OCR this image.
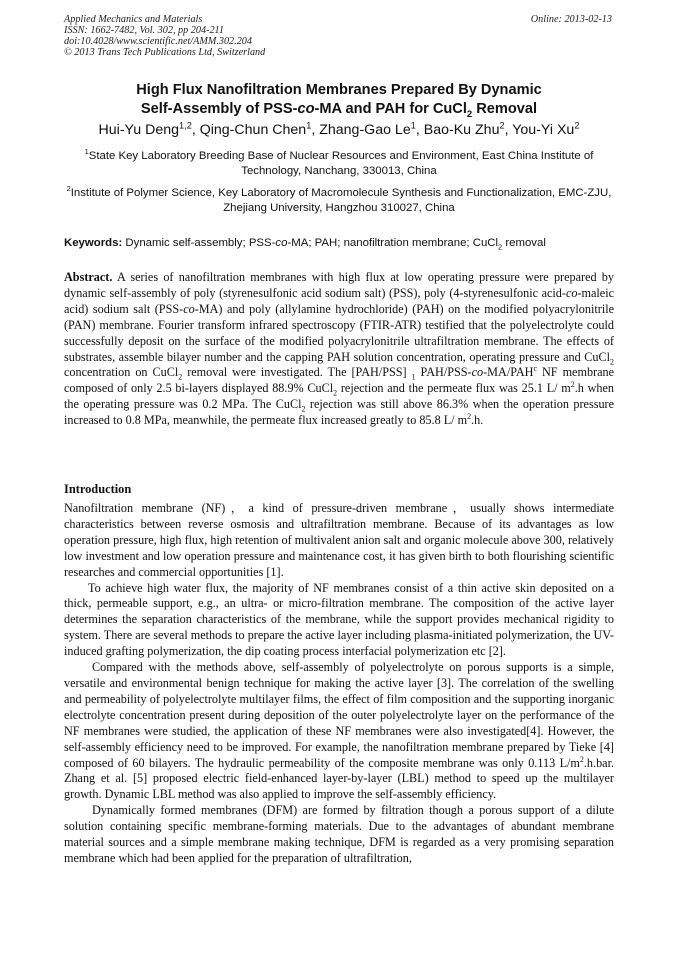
Applied Mechanics and Materials
ISSN: 1662-7482, Vol. 302, pp 204-211
doi:10.4028/www.scientific.net/AMM.302.204
© 2013 Trans Tech Publications Ltd, Switzerland
Online: 2013-02-13
High Flux Nanofiltration Membranes Prepared By Dynamic
Self-Assembly of PSS-co-MA and PAH for CuCl$_2$ Removal
Hui-Yu Deng$^{1,2}$, Qing-Chun Chen$^1$, Zhang-Gao Le$^1$, Bao-Ku Zhu$^2$, You-Yi Xu$^2$
$^1$State Key Laboratory Breeding Base of Nuclear Resources and Environment, East China Institute of Technology, Nanchang, 330013, China
$^2$Institute of Polymer Science, Key Laboratory of Macromolecule Synthesis and Functionalization, EMC-ZJU, Zhejiang University, Hangzhou 310027, China
Keywords: Dynamic self-assembly; PSS-co-MA; PAH; nanofiltration membrane; CuCl$_2$ removal
Abstract. A series of nanofiltration membranes with high flux at low operating pressure were prepared by dynamic self-assembly of poly (styrenesulfonic acid sodium salt) (PSS), poly (4-styrenesulfonic acid-co-maleic acid) sodium salt (PSS-co-MA) and poly (allylamine hydrochloride) (PAH) on the modified polyacrylonitrile (PAN) membrane. Fourier transform infrared spectroscopy (FTIR-ATR) testified that the polyelectrolyte could successfully deposit on the surface of the modified polyacrylonitrile ultrafiltration membrane. The effects of substrates, assemble bilayer number and the capping PAH solution concentration, operating pressure and CuCl$_2$ concentration on CuCl$_2$ removal were investigated. The [PAH/PSS] $_1$ PAH/PSS-co-MA/PAH$^c$ NF membrane composed of only 2.5 bi-layers displayed 88.9% CuCl$_2$ rejection and the permeate flux was 25.1 L/ $m^2.h$ when the operating pressure was 0.2 MPa. The CuCl$_2$ rejection was still above 86.3% when the operation pressure increased to 0.8 MPa, meanwhile, the permeate flux increased greatly to 85.8 L/ $m^2.h$.
Introduction

Nanofiltration membrane (NF)，a kind of pressure-driven membrane，usually shows intermediate characteristics between reverse osmosis and ultrafiltration membrane. Because of its advantages as low operation pressure, high flux, high retention of multivalent anion salt and organic molecule above 300, relatively low investment and low operation pressure and maintenance cost, it has given birth to both flourishing scientific researches and commercial opportunities [1].

To achieve high water flux, the majority of NF membranes consist of a thin active skin deposited on a thick, permeable support, e.g., an ultra- or micro-filtration membrane. The composition of the active layer determines the separation characteristics of the membrane, while the support provides mechanical rigidity to system. There are several methods to prepare the active layer including plasma-initiated polymerization, the UV-induced grafting polymerization, the dip coating process interfacial polymerization etc [2].

Compared with the methods above, self-assembly of polyelectrolyte on porous supports is a simple, versatile and environmental benign technique for making the active layer [3]. The correlation of the swelling and permeability of polyelectrolyte multilayer films, the effect of film composition and the supporting inorganic electrolyte concentration present during deposition of the outer polyelectrolyte layer on the performance of the NF membranes were studied, the application of these NF membranes were also investigated[4]. However, the self-assembly efficiency need to be improved. For example, the nanofiltration membrane prepared by Tieke [4] composed of 60 bilayers. The hydraulic permeability of the composite membrane was only 0.113 $L/m^2.h.bar$. Zhang et al. [5] proposed electric field-enhanced layer-by-layer (LBL) method to speed up the multilayer growth. Dynamic LBL method was also applied to improve the self-assembly efficiency.

Dynamically formed membranes (DFM) are formed by filtration though a porous support of a dilute solution containing specific membrane-forming materials. Due to the advantages of abundant membrane material sources and a simple membrane making technique, DFM is regarded as a very promising separation membrane which had been applied for the preparation of ultrafiltration,
